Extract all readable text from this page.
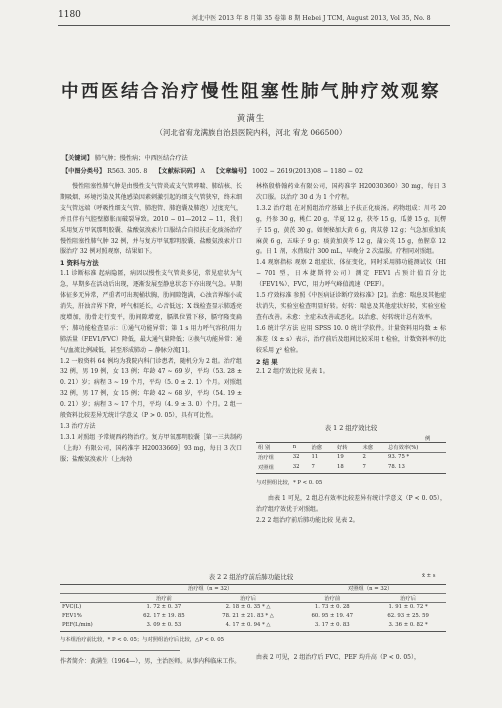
1180	河北中医 2013 年 8 月第 35 卷第 8 期 Hebei J TCM, August 2013, Vol 35, No. 8
中西医结合治疗慢性阻塞性肺气肿疗效观察
黄满生
（河北省宥龙满族自治县医院内科，河北 宥龙 066500）
【关键词】 肺气肿；慢性病；中西医结合疗法
【中图分类号】 R563. 305. 8 【文献标识码】 A 【文章编号】 1002 − 2619(2013)08 − 1180 − 02

慢性阻塞性肺气肿是由慢性支气管炎或支气管哮喘、肺结核、长期吸烟、环境污染及其他感染因素刺激引起的细支气管狭窄，终末细支气管远端（呼吸性细支气管、肺泡管、肺泡囊及肺泡）过度充气，并且伴有气腔壁膨胀而破裂导致。2010 − 01—2012 − 11，我们采用复方甲氧那明胶囊、盐酸氨溴索片口服结合自拟扶正化痰汤治疗慢性阻塞性肺气肿 32 例，并与复方甲氧那明胶囊、盐酸氨溴索片口服治疗 32 例对照观察，结果如下。

1 资料与方法

1.1 诊断标准 起病隐匿，病因以慢性支气管炎多见，常见症状为气急，早期多在活动后出现，逐渐发展至静息状态下亦出现气急。早期体征多无异常，严重者可出现桶状胸，肋间隙饱满，心浊音界缩小或消失，肝浊音界下降，呼气相延长，心音低远；X 线检查显示肺透亮度增加，肋骨走行变平，肋间隙增宽，膈肌位置下移，膈穹隆变扁平；肺功能检查显示：①通气功能异常；第 1 s 用力呼气容积/用力肺活量（FEV1/FVC）降低，最大通气量降低；②换气功能异常：通气/血流比例减低，甚至形成肺动 − 静脉分流[1]。

1.2 一般资料 64 例均为我院内科门诊患者，随机分为 2 组。治疗组 32 例，男 19 例，女 13 例；年龄 47 ~ 69 岁，平均（53. 28 ± 0. 21）岁；病程 3 ~ 19 个月，平均（5. 0 ± 2. 1）个月。对照组 32 例，男 17 例，女 15 例；年龄 42 ~ 68 岁，平均（54. 19 ± 0. 21）岁；病程 3 ~ 17 个月，平均（4. 9 ± 3. 0）个月。2 组一般资料比较差异无统计学意义（P > 0. 05），具有可比性。

1.3 治疗方法

1.3.1 对照组 予常规西药物治疗。复方甲氧那明胶囊［第一三共制药（上海）有限公司，国药准字 H20033669］93 mg，每日 3 次口服；盐酸氨溴索片（上海勃

林格殷格翰药业有限公司，国药准字 H20030360）30 mg，每日 3 次口服。以治疗 30 d 为 1 个疗程。

1.3.2 治疗组 在对照组治疗基础上予扶正化痰汤。药物组成：川芎 20 g，丹参 30 g，桃仁 20 g，半夏 12 g，茯苓 15 g，瓜蒌 15 g，瓦楞子 15 g，黄芪 30 g。如便秘加大黄 6 g，肉苁蓉 12 g；气急加重加炙麻黄 6 g，五味子 9 g；痰黄加黄芩 12 g，蒲公英 15 g，鱼腥草 12 g。日 1 剂，水煎取汁 300 mL，早晚分 2 次温服。疗程同对照组。

1.4 观察指标 观察 2 组症状、体征变化，同时采用肺功能测试仪（HI − 701 型，日本捷斯特公司）测定 FEV1 占预计值百分比（FEV1%）、FVC，用力呼气峰值流速（PEF）。

1.5 疗效标准 参照《中医病证诊断疗效标准》[2]。治愈：喘息及其他症状消失，实验室检查明显好转。好转：喘息及其他症状好转，实验室检查有改善。未愈：主症未改善或恶化。以治愈、好转统计总有效率。

1.6 统计学方法 应用 SPSS 10. 0 统计学软件。计量资料用均数 ± 标准差（x̄ ± s）表示，治疗前后及组间比较采用 t 检验，计数资料率的比较采用 χ² 检验。

2 结 果

2.1 2 组疗效比较 见表 1。

表 1 2 组疗效比较
例
组 别	n	治愈	好转	未愈	总有效率(%)
治疗组	32	11	19	2	93. 75 *
对照组	32	7	18	7	78. 13
与对照组比较，* P < 0. 05

由表 1 可见，2 组总有效率比较差异有统计学意义（P < 0. 05），治疗组疗效优于对照组。

2.2 2 组治疗前后肺功能比较 见表 2。

表 2 2 组治疗前后肺功能比较	x̄ ± s
	治疗组（n = 32）		对照组（n = 32）	
	治疗前	治疗后	治疗前	治疗后
FVC(L)	1. 72 ± 0. 37	2. 18 ± 0. 35 * △	1. 73 ± 0. 28	1. 91 ± 0. 72 *
FEV1%	62. 17 ± 19. 85	78. 21 ± 21. 83 * △	60. 95 ± 19. 47	62. 93 ± 25. 59
PEF(L/min)	3. 09 ± 0. 53	4. 17 ± 0. 94 * △	3. 17 ± 0. 83	3. 36 ± 0. 82 *
与本组治疗前比较，* P < 0. 05；与对照组治疗后比较，△P < 0. 05
作者简介：黄满生（1964—），男，主治医师。从事内科临床工作。
由表 2 可见，2 组治疗后 FVC、PEF 均升高（P < 0. 05），
